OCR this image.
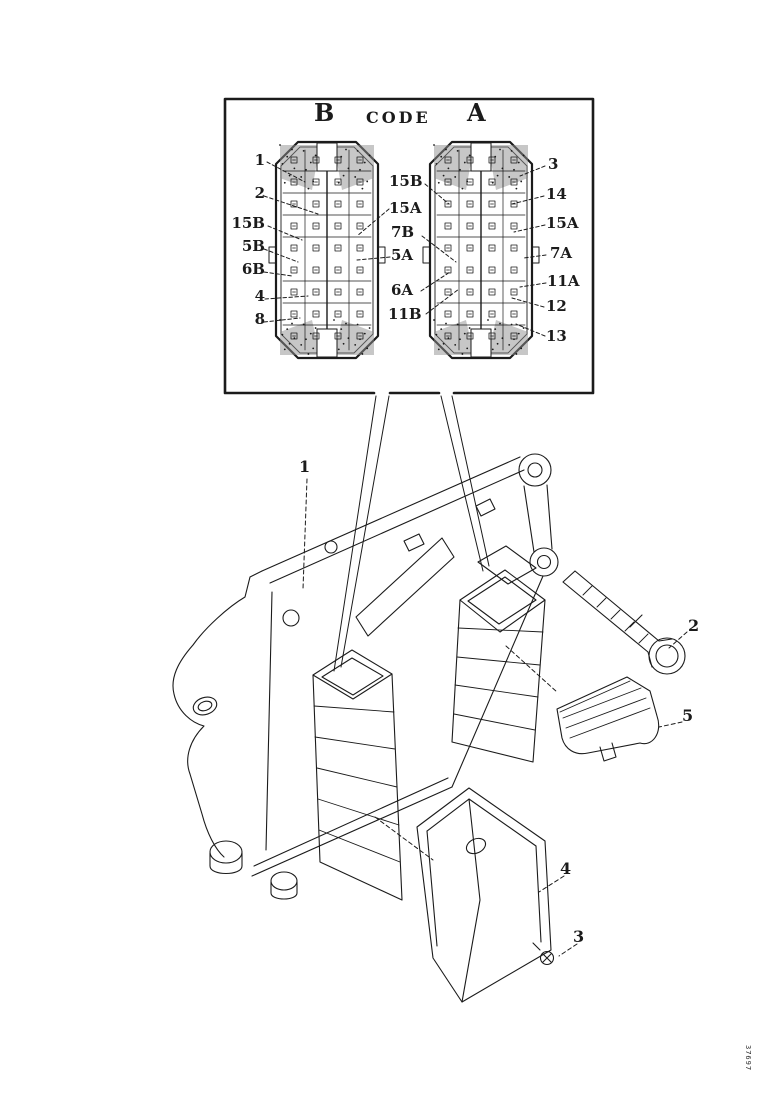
B CODE A
1
2
15B
5B
6B
4
8
15B
15A
7B
5A
6A
11B
3
14
15A
7A
11A
12
13
1
2
5
4
3
37697
